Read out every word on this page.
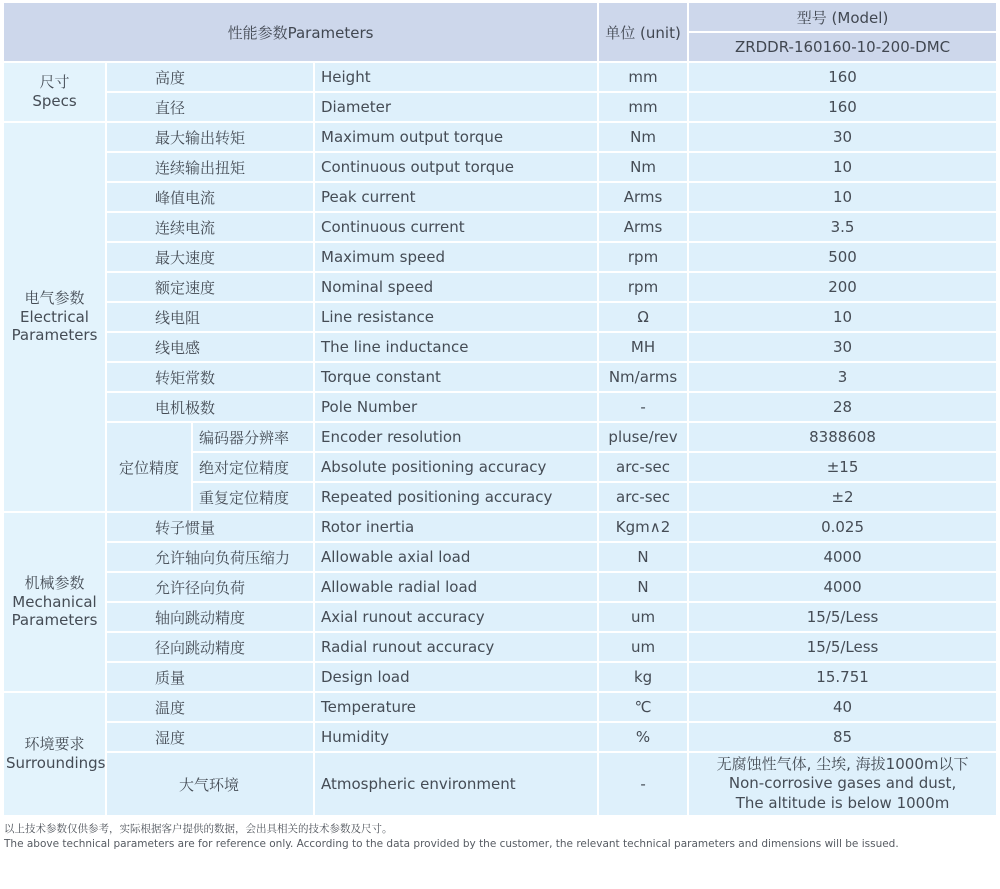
性能参数Parameters				单位 (unit)	型号 (Model)
					ZRDDR-160160-10-200-DMC

尺寸
Specs	高度		Height	mm	160
	直径		Diameter	mm	160

电气参数
Electrical Parameters	最大输出转矩		Maximum output torque	Nm	30
	连续输出扭矩		Continuous output torque	Nm	10
	峰值电流		Peak current	Arms	10
	连续电流		Continuous current	Arms	3.5
	最大速度		Maximum speed	rpm	500
	额定速度		Nominal speed	rpm	200
	线电阻		Line resistance	Ω	10
	线电感		The line inductance	MH	30
	转矩常数		Torque constant	Nm/arms	3
	电机极数		Pole Number	-	28
	定位精度	编码器分辨率	Encoder resolution	pluse/rev	8388608
		绝对定位精度	Absolute positioning accuracy	arc-sec	±15
		重复定位精度	Repeated positioning accuracy	arc-sec	±2

机械参数
Mechanical Parameters	转子惯量		Rotor inertia	Kgm∧2	0.025
	允许轴向负荷压缩力		Allowable axial load	N	4000
	允许径向负荷		Allowable radial load	N	4000
	轴向跳动精度		Axial runout accuracy	um	15/5/Less
	径向跳动精度		Radial runout accuracy	um	15/5/Less
	质量		Design load	kg	15.751

环境要求
Surroundings	温度		Temperature	℃	40
	湿度		Humidity	%	85
	大气环境		Atmospheric environment	-	无腐蚀性气体, 尘埃, 海拔1000m以下
Non-corrosive gases and dust,
The altitude is below 1000m
以上技术参数仅供参考，实际根据客户提供的数据，会出具相关的技术参数及尺寸。
The above technical parameters are for reference only. According to the data provided by the customer, the relevant technical parameters and dimensions will be issued.
